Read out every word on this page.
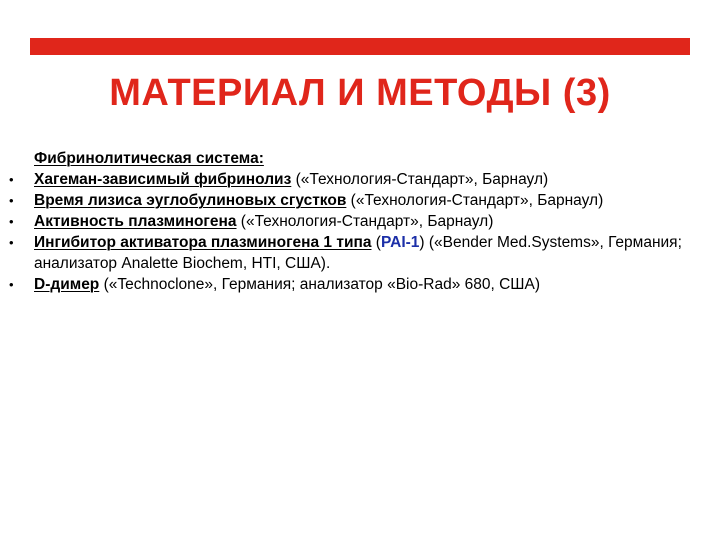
МАТЕРИАЛ И МЕТОДЫ (3)
Фибринолитическая система:
• Хагеман-зависимый фибринолиз («Технология-Стандарт», Барнаул)
• Время лизиса эуглобулиновых сгустков («Технология-Стандарт», Барнаул)
• Активность плазминогена («Технология-Стандарт», Барнаул)
• Ингибитор активатора плазминогена 1 типа (PAI-1) («Bender Med.Systems», Германия; анализатор Analette Biochem, HTI, США).
• D-димер («Technoclone», Германия; анализатор «Bio-Rad» 680, США)
